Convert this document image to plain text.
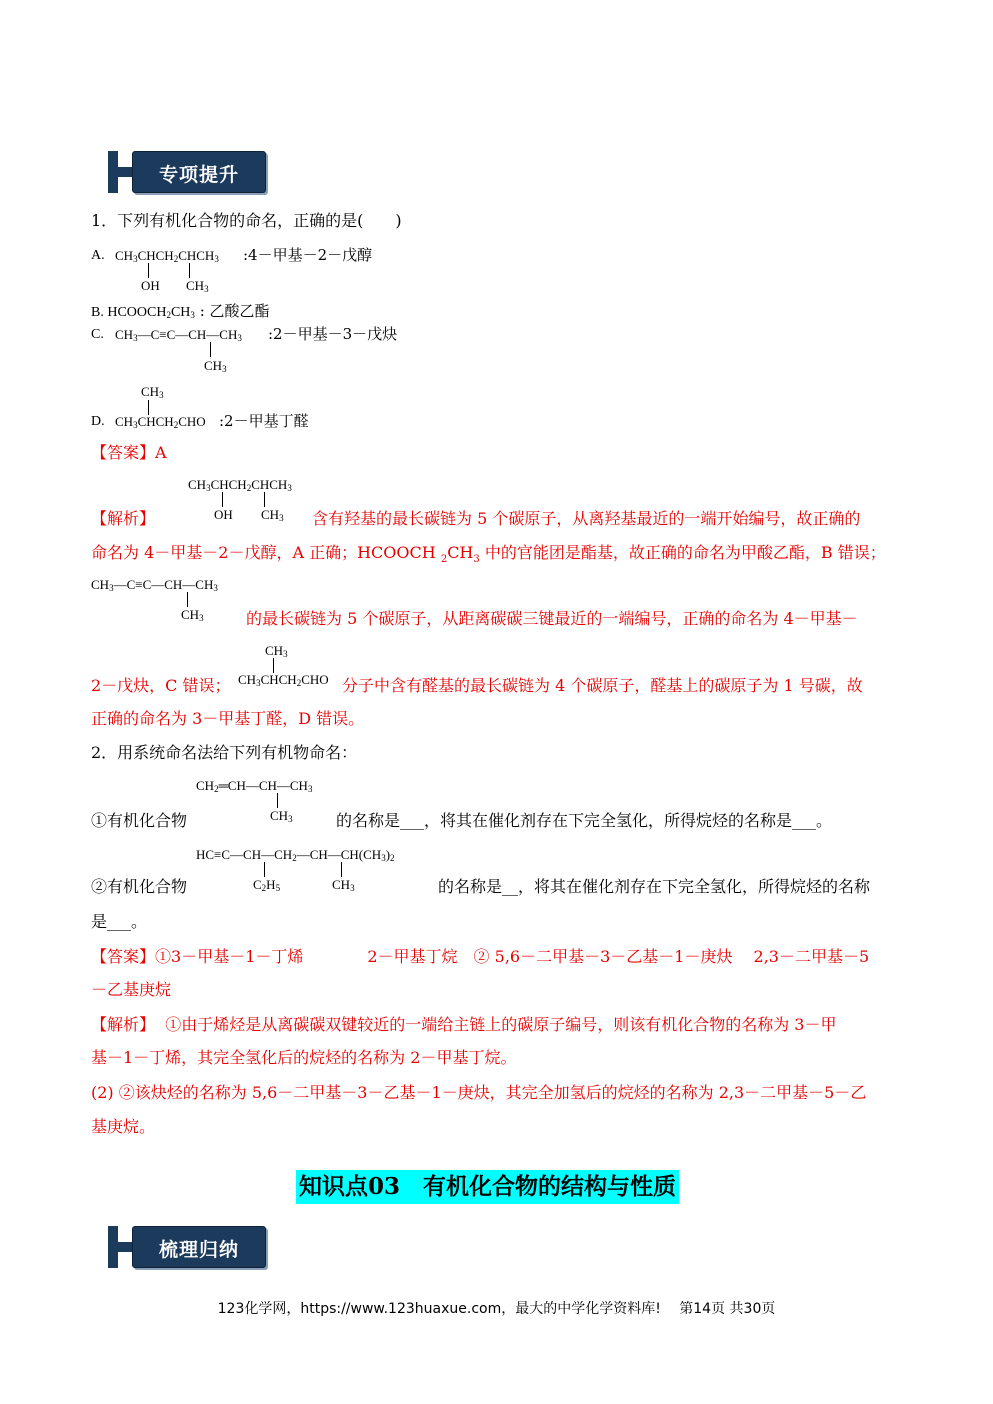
专项提升
1．下列有机化合物的命名，正确的是(　　)
A. $CH_3CHCH_2CHCH_3$
OH $CH_3$
:4－甲基－2－戊醇
B. $HCOOCH_2CH_3$ : 乙酸乙酯
C. $CH_3—C\equiv C—CH—CH_3$
$CH_3$
:2－甲基－3－戊炔
$CH_3$
D. $CH_3CHCH_2CHO$ :2－甲基丁醛
【答案】A
$CH_3CHCH_2CHCH_3$
OH $CH_3$
【解析】	含有羟基的最长碳链为 5 个碳原子，从离羟基最近的一端开始编号，故正确的
命名为 4－甲基－2－戊醇，A 正确；HCOOCH $_2CH_3$ 中的官能团是酯基，故正确的命名为甲酸乙酯，B 错误；
$CH_3—C\equiv C—CH—CH_3$
$CH_3$	的最长碳链为 5 个碳原子，从距离碳碳三键最近的一端编号，正确的命名为 4－甲基－
$CH_3$
2－戊炔，C 错误； $CH_3CHCH_2CHO$ 分子中含有醛基的最长碳链为 4 个碳原子，醛基上的碳原子为 1 号碳，故
正确的命名为 3－甲基丁醛，D 错误。
2．用系统命名法给下列有机物命名：
$CH_2═CH—CH—CH_3$
$CH_3$
①有机化合物	的名称是___，将其在催化剂存在下完全氢化，所得烷烃的名称是___。
$HC\equiv C—CH—CH_2—CH—CH(CH_3)_2$
$C_2H_5$	$CH_3$
②有机化合物	的名称是__，将其在催化剂存在下完全氢化，所得烷烃的名称
是___。
【答案】①3－甲基－1－丁烯　　　　2－甲基丁烷　② 5,6－二甲基－3－乙基－1－庚炔　 2,3－二甲基－5
－乙基庚烷
【解析】 ①由于烯烃是从离碳碳双键较近的一端给主链上的碳原子编号，则该有机化合物的名称为 3－甲
基－1－丁烯，其完全氢化后的烷烃的名称为 2－甲基丁烷。
(2) ②该炔烃的名称为 5,6－二甲基－3－乙基－1－庚炔，其完全加氢后的烷烃的名称为 2,3－二甲基－5－乙
基庚烷。
知识点03　有机化合物的结构与性质
梳理归纳
123化学网，https://www.123huaxue.com，最大的中学化学资料库!　 第14页 共30页
